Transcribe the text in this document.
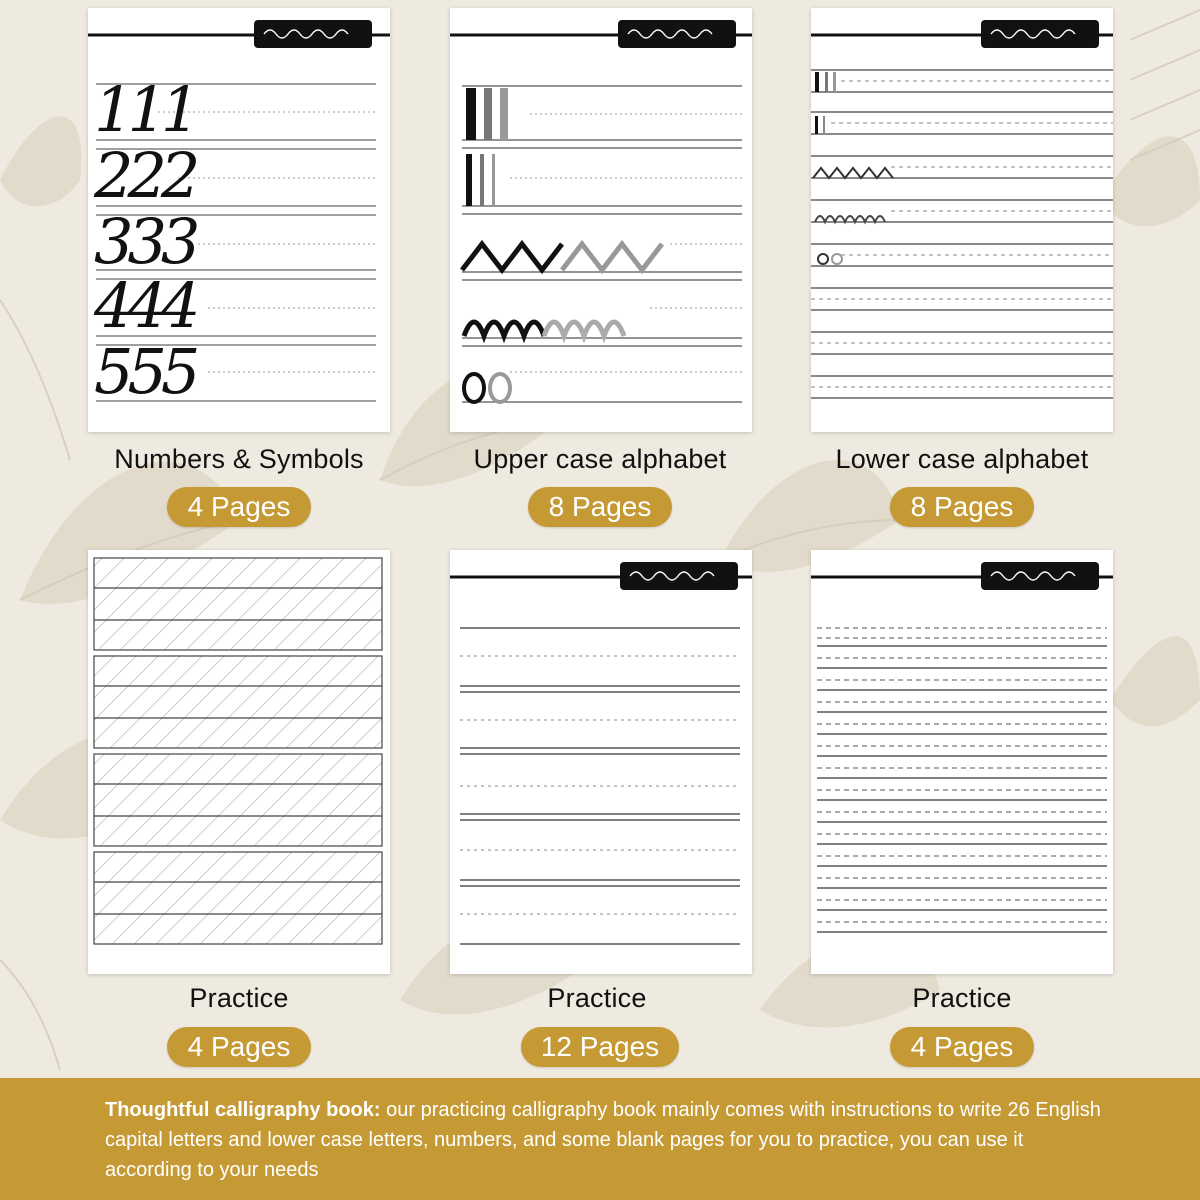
111
222
333
444
555
Numbers & Symbols
4 Pages
Upper case alphabet
8 Pages
Lower case alphabet
8 Pages
Practice
4 Pages
Practice
12 Pages
Practice
4 Pages

Thoughtful calligraphy book: our practicing calligraphy book mainly comes with instructions to write 26 English capital letters and lower case letters, numbers, and some blank pages for you to practice, you can use it according to your needs
